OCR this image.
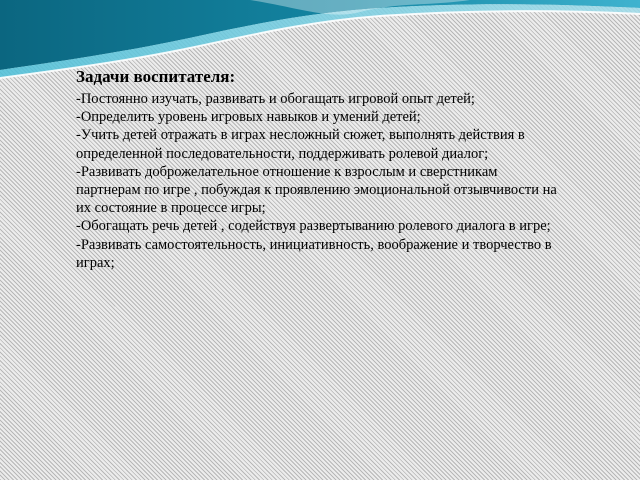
Задачи воспитателя:
-Постоянно изучать, развивать и обогащать игровой опыт детей;
-Определить уровень игровых навыков и умений детей;
-Учить детей отражать в играх несложный сюжет, выполнять действия в
определенной последовательности, поддерживать ролевой диалог;
-Развивать доброжелательное отношение к взрослым и сверстникам
партнерам по игре , побуждая к проявлению эмоциональной отзывчивости на
их состояние в процессе игры;
-Обогащать речь детей , содействуя развертыванию ролевого диалога в игре;
-Развивать самостоятельность, инициативность, воображение и творчество в
играх;
